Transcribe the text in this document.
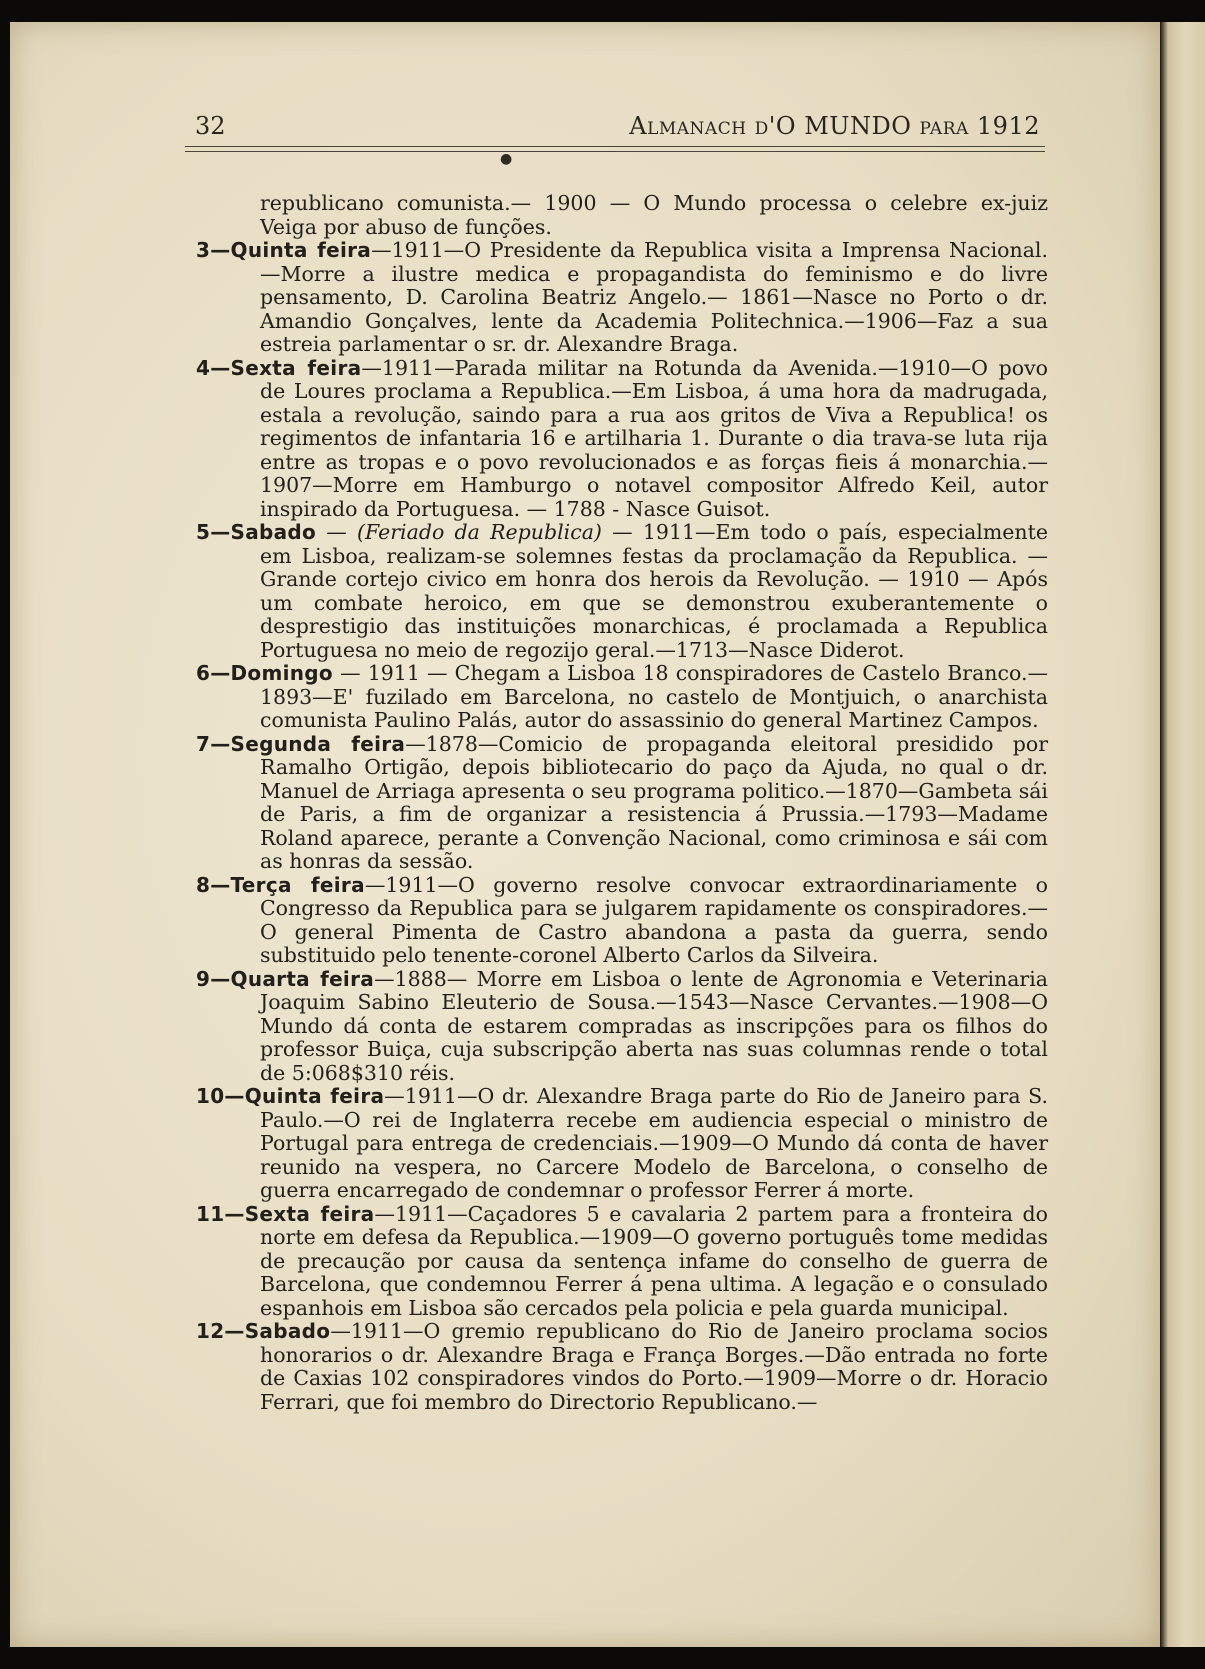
32	Almanach d'O MUNDO para 1912
●

republicano comunista.— 1900 — O Mundo processa o celebre ex-juiz Veiga por abuso de funções.

3—Quinta feira—1911—O Presidente da Republica visita a Imprensa Nacional.—Morre a ilustre medica e propagandista do feminismo e do livre pensamento, D. Carolina Beatriz Angelo.— 1861—Nasce no Porto o dr. Amandio Gonçalves, lente da Academia Politechnica.—1906—Faz a sua estreia parlamentar o sr. dr. Alexandre Braga.

4—Sexta feira—1911—Parada militar na Rotunda da Avenida.—1910—O povo de Loures proclama a Republica.—Em Lisboa, á uma hora da madrugada, estala a revolução, saindo para a rua aos gritos de Viva a Republica! os regimentos de infantaria 16 e artilharia 1. Durante o dia trava-se luta rija entre as tropas e o povo revolucionados e as forças fieis á monarchia.—1907—Morre em Hamburgo o notavel compositor Alfredo Keil, autor inspirado da Portuguesa. — 1788 - Nasce Guisot.

5—Sabado — (Feriado da Republica) — 1911—Em todo o país, especialmente em Lisboa, realizam-se solemnes festas da proclamação da Republica. —Grande cortejo civico em honra dos herois da Revolução. — 1910 — Após um combate heroico, em que se demonstrou exuberantemente o desprestigio das instituições monarchicas, é proclamada a Republica Portuguesa no meio de regozijo geral.—1713—Nasce Diderot.

6—Domingo — 1911 — Chegam a Lisboa 18 conspiradores de Castelo Branco.—1893—E' fuzilado em Barcelona, no castelo de Montjuich, o anarchista comunista Paulino Palás, autor do assassinio do general Martinez Campos.

7—Segunda feira—1878—Comicio de propaganda eleitoral presidido por Ramalho Ortigão, depois bibliotecario do paço da Ajuda, no qual o dr. Manuel de Arriaga apresenta o seu programa politico.—1870—Gambeta sái de Paris, a fim de organizar a resistencia á Prussia.—1793—Madame Roland aparece, perante a Convenção Nacional, como criminosa e sái com as honras da sessão.

8—Terça feira—1911—O governo resolve convocar extraordinariamente o Congresso da Republica para se julgarem rapidamente os conspiradores.—O general Pimenta de Castro abandona a pasta da guerra, sendo substituido pelo tenente-coronel Alberto Carlos da Silveira.

9—Quarta feira—1888— Morre em Lisboa o lente de Agronomia e Veterinaria Joaquim Sabino Eleuterio de Sousa.—1543—Nasce Cervantes.—1908—O Mundo dá conta de estarem compradas as inscripções para os filhos do professor Buiça, cuja subscripção aberta nas suas columnas rende o total de 5:068$310 réis.

10—Quinta feira—1911—O dr. Alexandre Braga parte do Rio de Janeiro para S. Paulo.—O rei de Inglaterra recebe em audiencia especial o ministro de Portugal para entrega de credenciais.—1909—O Mundo dá conta de haver reunido na vespera, no Carcere Modelo de Barcelona, o conselho de guerra encarregado de condemnar o professor Ferrer á morte.

11—Sexta feira—1911—Caçadores 5 e cavalaria 2 partem para a fronteira do norte em defesa da Republica.—1909—O governo português tome medidas de precaução por causa da sentença infame do conselho de guerra de Barcelona, que condemnou Ferrer á pena ultima. A legação e o consulado espanhois em Lisboa são cercados pela policia e pela guarda municipal.

12—Sabado—1911—O gremio republicano do Rio de Janeiro proclama socios honorarios o dr. Alexandre Braga e França Borges.—Dão entrada no forte de Caxias 102 conspiradores vindos do Porto.—1909—Morre o dr. Horacio Ferrari, que foi membro do Directorio Republicano.—
